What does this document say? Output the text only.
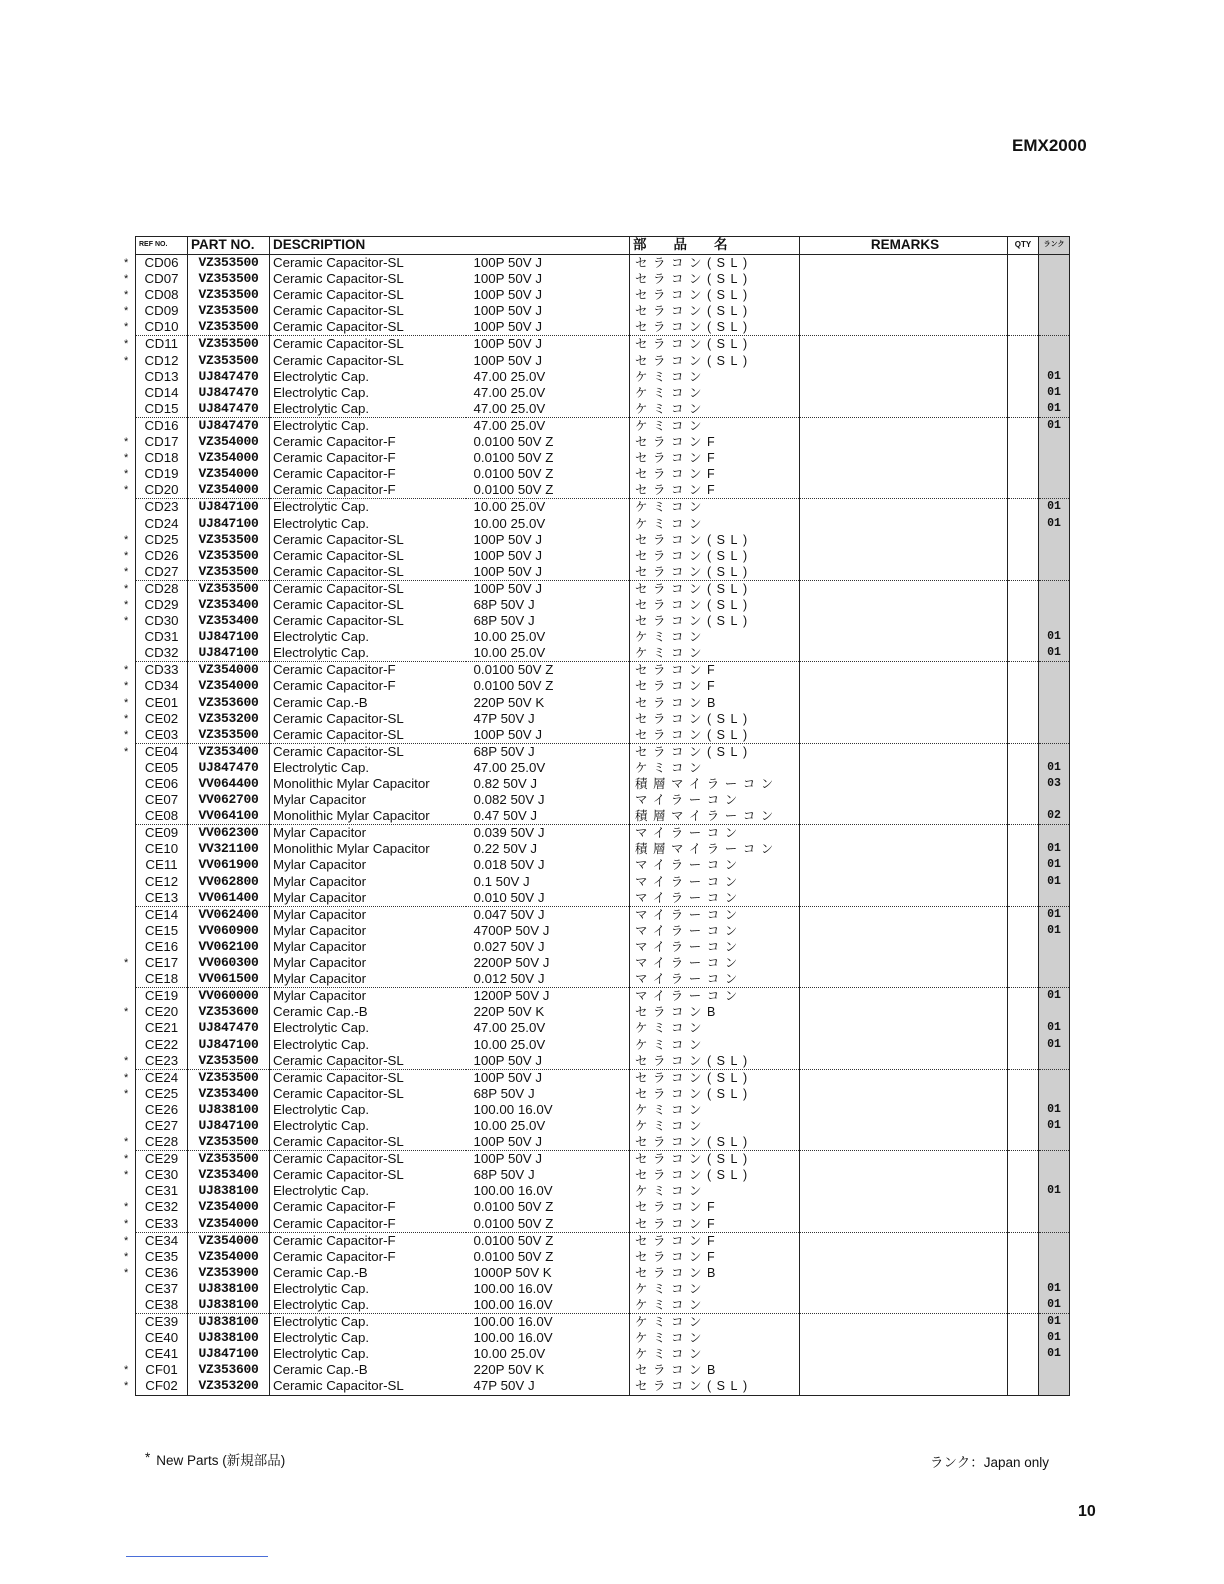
EMX2000
REF NO.	PART NO.	DESCRIPTION		部　　品　　名	REMARKS	QTY	ランク

* CD06	VZ353500	Ceramic Capacitor-SL	100P 50V J	セラコン(SL)			

* CD07	VZ353500	Ceramic Capacitor-SL	100P 50V J	セラコン(SL)			

* CD08	VZ353500	Ceramic Capacitor-SL	100P 50V J	セラコン(SL)			

* CD09	VZ353500	Ceramic Capacitor-SL	100P 50V J	セラコン(SL)			

* CD10	VZ353500	Ceramic Capacitor-SL	100P 50V J	セラコン(SL)			

* CD11	VZ353500	Ceramic Capacitor-SL	100P 50V J	セラコン(SL)			

* CD12	VZ353500	Ceramic Capacitor-SL	100P 50V J	セラコン(SL)			

CD13	UJ847470	Electrolytic Cap.	47.00 25.0V	ケミコン			01

CD14	UJ847470	Electrolytic Cap.	47.00 25.0V	ケミコン			01

CD15	UJ847470	Electrolytic Cap.	47.00 25.0V	ケミコン			01

CD16	UJ847470	Electrolytic Cap.	47.00 25.0V	ケミコン			01

* CD17	VZ354000	Ceramic Capacitor-F	0.0100 50V Z	セラコンF			

* CD18	VZ354000	Ceramic Capacitor-F	0.0100 50V Z	セラコンF			

* CD19	VZ354000	Ceramic Capacitor-F	0.0100 50V Z	セラコンF			

* CD20	VZ354000	Ceramic Capacitor-F	0.0100 50V Z	セラコンF			

CD23	UJ847100	Electrolytic Cap.	10.00 25.0V	ケミコン			01

CD24	UJ847100	Electrolytic Cap.	10.00 25.0V	ケミコン			01

* CD25	VZ353500	Ceramic Capacitor-SL	100P 50V J	セラコン(SL)			

* CD26	VZ353500	Ceramic Capacitor-SL	100P 50V J	セラコン(SL)			

* CD27	VZ353500	Ceramic Capacitor-SL	100P 50V J	セラコン(SL)			

* CD28	VZ353500	Ceramic Capacitor-SL	100P 50V J	セラコン(SL)			

* CD29	VZ353400	Ceramic Capacitor-SL	68P 50V J	セラコン(SL)			

* CD30	VZ353400	Ceramic Capacitor-SL	68P 50V J	セラコン(SL)			

CD31	UJ847100	Electrolytic Cap.	10.00 25.0V	ケミコン			01

CD32	UJ847100	Electrolytic Cap.	10.00 25.0V	ケミコン			01

* CD33	VZ354000	Ceramic Capacitor-F	0.0100 50V Z	セラコンF			

* CD34	VZ354000	Ceramic Capacitor-F	0.0100 50V Z	セラコンF			

* CE01	VZ353600	Ceramic Cap.-B	220P 50V K	セラコンB			

* CE02	VZ353200	Ceramic Capacitor-SL	47P 50V J	セラコン(SL)			

* CE03	VZ353500	Ceramic Capacitor-SL	100P 50V J	セラコン(SL)			

* CE04	VZ353400	Ceramic Capacitor-SL	68P 50V J	セラコン(SL)			

CE05	UJ847470	Electrolytic Cap.	47.00 25.0V	ケミコン			01

CE06	VV064400	Monolithic Mylar Capacitor	0.82 50V J	積層マイラーコン			03

CE07	VV062700	Mylar Capacitor	0.082 50V J	マイラーコン			

CE08	VV064100	Monolithic Mylar Capacitor	0.47 50V J	積層マイラーコン			02

CE09	VV062300	Mylar Capacitor	0.039 50V J	マイラーコン			

CE10	VV321100	Monolithic Mylar Capacitor	0.22 50V J	積層マイラーコン			01

CE11	VV061900	Mylar Capacitor	0.018 50V J	マイラーコン			01

CE12	VV062800	Mylar Capacitor	0.1 50V J	マイラーコン			01

CE13	VV061400	Mylar Capacitor	0.010 50V J	マイラーコン			

CE14	VV062400	Mylar Capacitor	0.047 50V J	マイラーコン			01

CE15	VV060900	Mylar Capacitor	4700P 50V J	マイラーコン			01

CE16	VV062100	Mylar Capacitor	0.027 50V J	マイラーコン			

* CE17	VV060300	Mylar Capacitor	2200P 50V J	マイラーコン			

CE18	VV061500	Mylar Capacitor	0.012 50V J	マイラーコン			

CE19	VV060000	Mylar Capacitor	1200P 50V J	マイラーコン			01

* CE20	VZ353600	Ceramic Cap.-B	220P 50V K	セラコンB			

CE21	UJ847470	Electrolytic Cap.	47.00 25.0V	ケミコン			01

CE22	UJ847100	Electrolytic Cap.	10.00 25.0V	ケミコン			01

* CE23	VZ353500	Ceramic Capacitor-SL	100P 50V J	セラコン(SL)			

* CE24	VZ353500	Ceramic Capacitor-SL	100P 50V J	セラコン(SL)			

* CE25	VZ353400	Ceramic Capacitor-SL	68P 50V J	セラコン(SL)			

CE26	UJ838100	Electrolytic Cap.	100.00 16.0V	ケミコン			01

CE27	UJ847100	Electrolytic Cap.	10.00 25.0V	ケミコン			01

* CE28	VZ353500	Ceramic Capacitor-SL	100P 50V J	セラコン(SL)			

* CE29	VZ353500	Ceramic Capacitor-SL	100P 50V J	セラコン(SL)			

* CE30	VZ353400	Ceramic Capacitor-SL	68P 50V J	セラコン(SL)			

CE31	UJ838100	Electrolytic Cap.	100.00 16.0V	ケミコン			01

* CE32	VZ354000	Ceramic Capacitor-F	0.0100 50V Z	セラコンF			

* CE33	VZ354000	Ceramic Capacitor-F	0.0100 50V Z	セラコンF			

* CE34	VZ354000	Ceramic Capacitor-F	0.0100 50V Z	セラコンF			

* CE35	VZ354000	Ceramic Capacitor-F	0.0100 50V Z	セラコンF			

* CE36	VZ353900	Ceramic Cap.-B	1000P 50V K	セラコンB			

CE37	UJ838100	Electrolytic Cap.	100.00 16.0V	ケミコン			01

CE38	UJ838100	Electrolytic Cap.	100.00 16.0V	ケミコン			01

CE39	UJ838100	Electrolytic Cap.	100.00 16.0V	ケミコン			01

CE40	UJ838100	Electrolytic Cap.	100.00 16.0V	ケミコン			01

CE41	UJ847100	Electrolytic Cap.	10.00 25.0V	ケミコン			01

* CF01	VZ353600	Ceramic Cap.-B	220P 50V K	セラコンB			

* CF02	VZ353200	Ceramic Capacitor-SL	47P 50V J	セラコン(SL)			
* New Parts (新規部品)	ランク：Japan only
10
